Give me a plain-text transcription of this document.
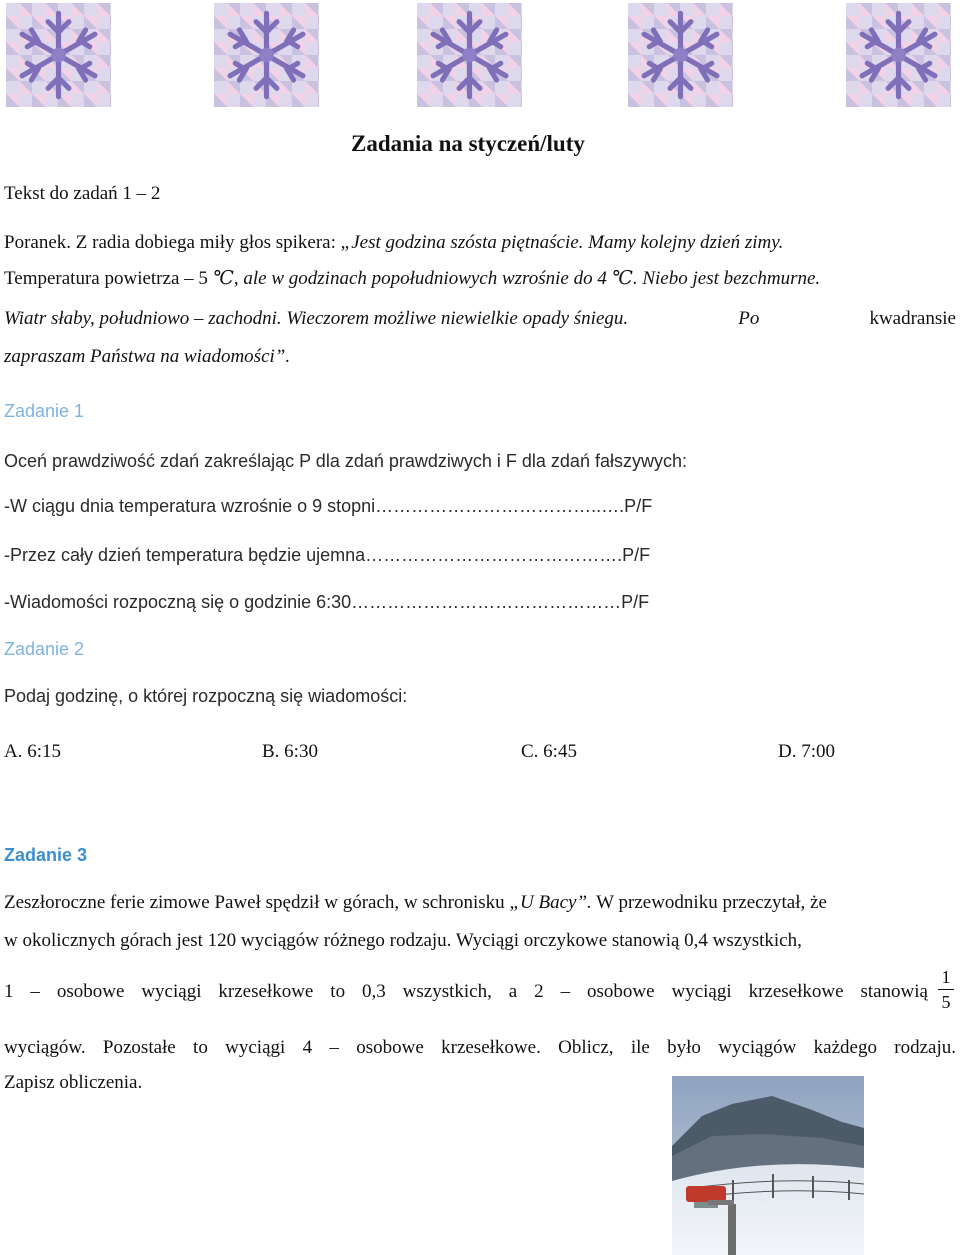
Zadania na styczeń/luty
Tekst do zadań 1 – 2
Poranek. Z radia dobiega miły głos spikera: „Jest godzina szósta piętnaście. Mamy kolejny dzień zimy.
Temperatura powietrza – 5 ℃, ale w godzinach popołudniowych wzrośnie do 4 ℃. Niebo jest bezchmurne.
Wiatr słaby, południowo – zachodni. Wieczorem możliwe niewielkie opady śniegu.	Po	kwadransie
zapraszam Państwa na wiadomości”.
Zadanie 1
Oceń prawdziwość zdań zakreślając P dla zdań prawdziwych i F dla zdań fałszywych:
-W ciągu dnia temperatura wzrośnie o 9 stopni………………………………..….P/F
-Przez cały dzień temperatura będzie ujemna…………………………………….P/F
-Wiadomości rozpoczną się o godzinie 6:30………………………………………P/F
Zadanie 2
Podaj godzinę, o której rozpoczną się wiadomości:
A. 6:15	B. 6:30	C. 6:45	D. 7:00
Zadanie 3
Zeszłoroczne ferie zimowe Paweł spędził w górach, w schronisku „U Bacy”. W przewodniku przeczytał, że
w okolicznych górach jest 120 wyciągów różnego rodzaju. Wyciągi orczykowe stanowią 0,4 wszystkich,
1 – osobowe wyciągi krzesełkowe to 0,3 wszystkich, a 2 – osobowe wyciągi krzesełkowe stanowią
1
5
wyciągów. Pozostałe to wyciągi 4 – osobowe krzesełkowe. Oblicz, ile było wyciągów każdego rodzaju.
Zapisz obliczenia.
